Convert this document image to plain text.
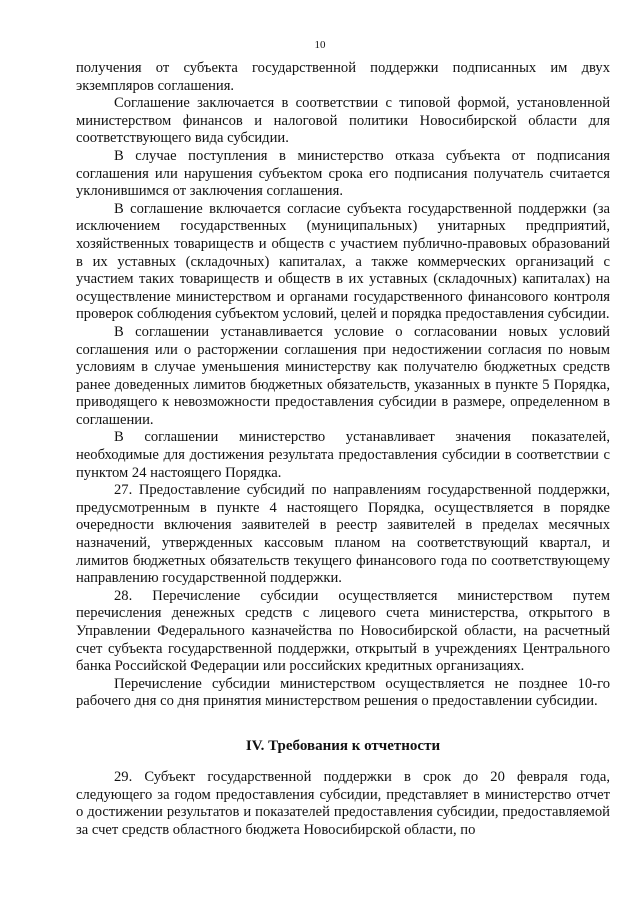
10

получения от субъекта государственной поддержки подписанных им двух экземпляров соглашения.

Соглашение заключается в соответствии с типовой формой, установленной министерством финансов и налоговой политики Новосибирской области для соответствующего вида субсидии.

В случае поступления в министерство отказа субъекта от подписания соглашения или нарушения субъектом срока его подписания получатель считается уклонившимся от заключения соглашения.

В соглашение включается согласие субъекта государственной поддержки (за исключением государственных (муниципальных) унитарных предприятий, хозяйственных товариществ и обществ с участием публично-правовых образований в их уставных (складочных) капиталах, а также коммерческих организаций с участием таких товариществ и обществ в их уставных (складочных) капиталах) на осуществление министерством и органами государственного финансового контроля проверок соблюдения субъектом условий, целей и порядка предоставления субсидии.

В соглашении устанавливается условие о согласовании новых условий соглашения или о расторжении соглашения при недостижении согласия по новым условиям в случае уменьшения министерству как получателю бюджетных средств ранее доведенных лимитов бюджетных обязательств, указанных в пункте 5 Порядка, приводящего к невозможности предоставления субсидии в размере, определенном в соглашении.

В соглашении министерство устанавливает значения показателей, необходимые для достижения результата предоставления субсидии в соответствии с пунктом 24 настоящего Порядка.

27. Предоставление субсидий по направлениям государственной поддержки, предусмотренным в пункте 4 настоящего Порядка, осуществляется в порядке очередности включения заявителей в реестр заявителей в пределах месячных назначений, утвержденных кассовым планом на соответствующий квартал, и лимитов бюджетных обязательств текущего финансового года по соответствующему направлению государственной поддержки.

28. Перечисление субсидии осуществляется министерством путем перечисления денежных средств с лицевого счета министерства, открытого в Управлении Федерального казначейства по Новосибирской области, на расчетный счет субъекта государственной поддержки, открытый в учреждениях Центрального банка Российской Федерации или российских кредитных организациях.

Перечисление субсидии министерством осуществляется не позднее 10-го рабочего дня со дня принятия министерством решения о предоставлении субсидии.

IV. Требования к отчетности

29. Субъект государственной поддержки в срок до 20 февраля года, следующего за годом предоставления субсидии, представляет в министерство отчет о достижении результатов и показателей предоставления субсидии, предоставляемой за счет средств областного бюджета Новосибирской области, по
